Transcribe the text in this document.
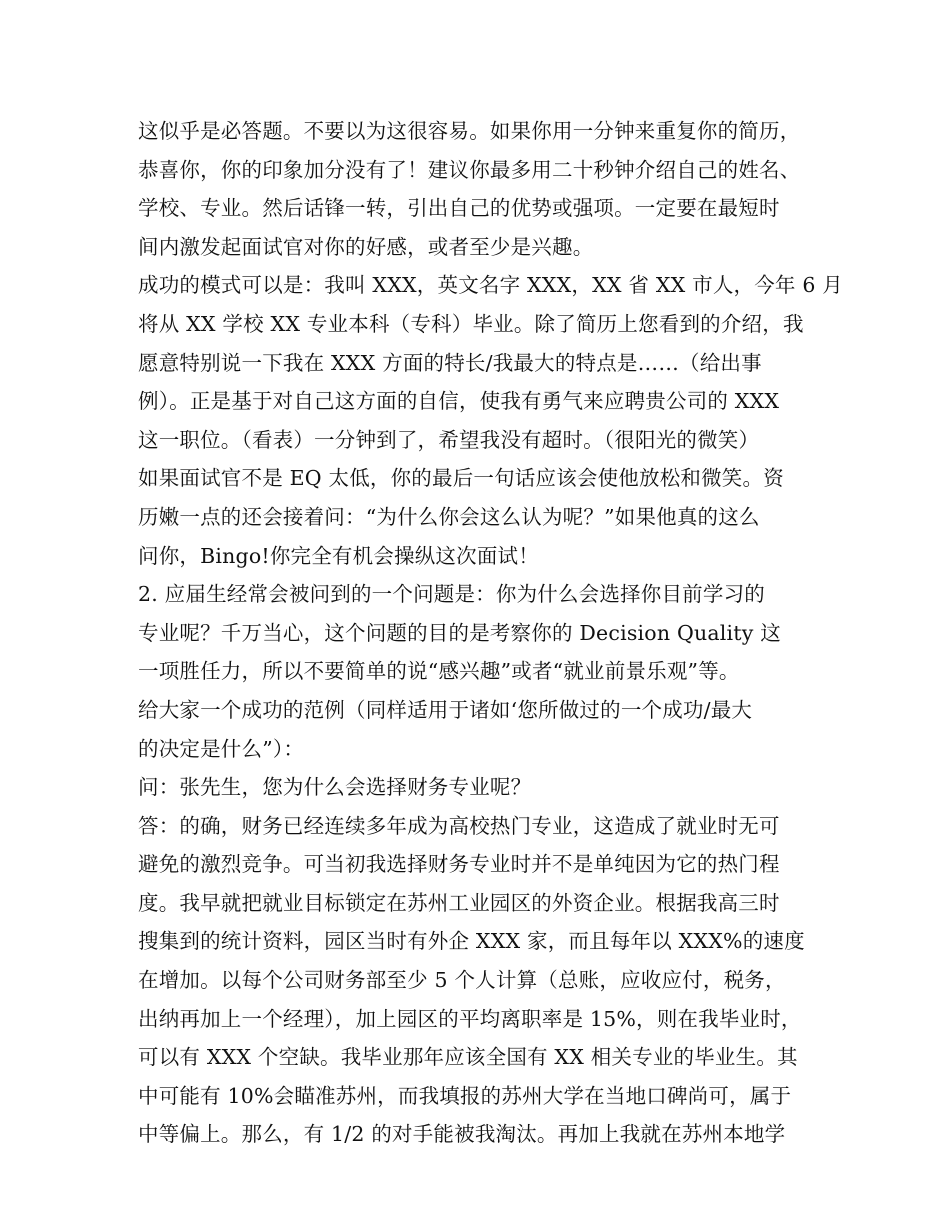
这似乎是必答题。不要以为这很容易。如果你用一分钟来重复你的简历，
恭喜你，你的印象加分没有了！建议你最多用二十秒钟介绍自己的姓名、
学校、专业。然后话锋一转，引出自己的优势或强项。一定要在最短时
间内激发起面试官对你的好感，或者至少是兴趣。
成功的模式可以是：我叫 XXX，英文名字 XXX，XX 省 XX 市人，今年 6 月
将从 XX 学校 XX 专业本科（专科）毕业。除了简历上您看到的介绍，我
愿意特别说一下我在 XXX 方面的特长/我最大的特点是……（给出事
例）。正是基于对自己这方面的自信，使我有勇气来应聘贵公司的 XXX
这一职位。（看表）一分钟到了，希望我没有超时。（很阳光的微笑）
如果面试官不是 EQ 太低，你的最后一句话应该会使他放松和微笑。资
历嫩一点的还会接着问：“为什么你会这么认为呢？”如果他真的这么
问你，Bingo!你完全有机会操纵这次面试！
2. 应届生经常会被问到的一个问题是：你为什么会选择你目前学习的
专业呢？千万当心，这个问题的目的是考察你的 Decision Quality 这
一项胜任力，所以不要简单的说“感兴趣”或者“就业前景乐观”等。
给大家一个成功的范例（同样适用于诸如‘您所做过的一个成功/最大
的决定是什么”）：
问：张先生，您为什么会选择财务专业呢？
答：的确，财务已经连续多年成为高校热门专业，这造成了就业时无可
避免的激烈竞争。可当初我选择财务专业时并不是单纯因为它的热门程
度。我早就把就业目标锁定在苏州工业园区的外资企业。根据我高三时
搜集到的统计资料，园区当时有外企 XXX 家，而且每年以 XXX%的速度
在增加。以每个公司财务部至少 5 个人计算（总账，应收应付，税务，
出纳再加上一个经理），加上园区的平均离职率是 15%，则在我毕业时，
可以有 XXX 个空缺。我毕业那年应该全国有 XX 相关专业的毕业生。其
中可能有 10%会瞄准苏州，而我填报的苏州大学在当地口碑尚可，属于
中等偏上。那么，有 1/2 的对手能被我淘汰。再加上我就在苏州本地学
